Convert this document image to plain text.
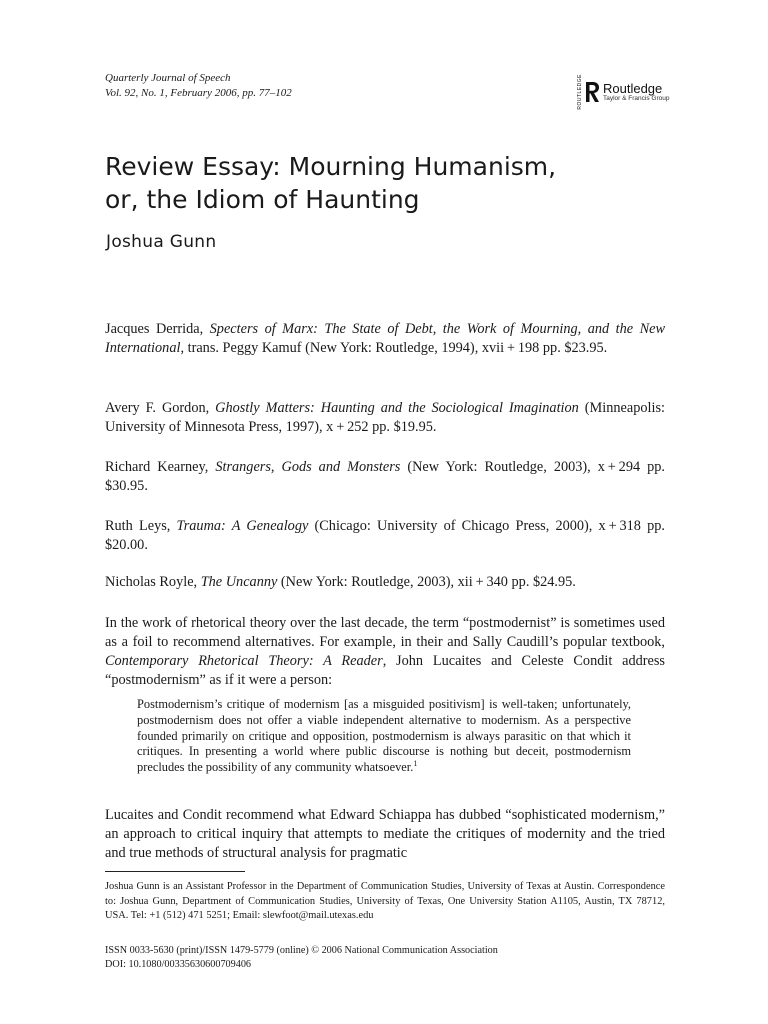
Quarterly Journal of Speech
Vol. 92, No. 1, February 2006, pp. 77–102	ROUTLEDGE Routledge
Taylor & Francis Group
Review Essay: Mourning Humanism,
or, the Idiom of Haunting
Joshua Gunn
Jacques Derrida, Specters of Marx: The State of Debt, the Work of Mourning, and the New International, trans. Peggy Kamuf (New York: Routledge, 1994), xvii + 198 pp. $23.95.
Avery F. Gordon, Ghostly Matters: Haunting and the Sociological Imagination (Minneapolis: University of Minnesota Press, 1997), x + 252 pp. $19.95.
Richard Kearney, Strangers, Gods and Monsters (New York: Routledge, 2003), x + 294 pp. $30.95.
Ruth Leys, Trauma: A Genealogy (Chicago: University of Chicago Press, 2000), x + 318 pp. $20.00.
Nicholas Royle, The Uncanny (New York: Routledge, 2003), xii + 340 pp. $24.95.
In the work of rhetorical theory over the last decade, the term “postmodernist” is sometimes used as a foil to recommend alternatives. For example, in their and Sally Caudill’s popular textbook, Contemporary Rhetorical Theory: A Reader, John Lucaites and Celeste Condit address “postmodernism” as if it were a person:
Postmodernism’s critique of modernism [as a misguided positivism] is well-taken; unfortunately, postmodernism does not offer a viable independent alternative to modernism. As a perspective founded primarily on critique and opposition, postmodernism is always parasitic on that which it critiques. In presenting a world where public discourse is nothing but deceit, postmodernism precludes the possibility of any community whatsoever.$^1$
Lucaites and Condit recommend what Edward Schiappa has dubbed “sophisticated modernism,” an approach to critical inquiry that attempts to mediate the critiques of modernity and the tried and true methods of structural analysis for pragmatic
Joshua Gunn is an Assistant Professor in the Department of Communication Studies, University of Texas at Austin. Correspondence to: Joshua Gunn, Department of Communication Studies, University of Texas, One University Station A1105, Austin, TX 78712, USA. Tel: +1 (512) 471 5251; Email: slewfoot@mail.utexas.edu
ISSN 0033-5630 (print)/ISSN 1479-5779 (online) © 2006 National Communication Association
DOI: 10.1080/00335630600709406
